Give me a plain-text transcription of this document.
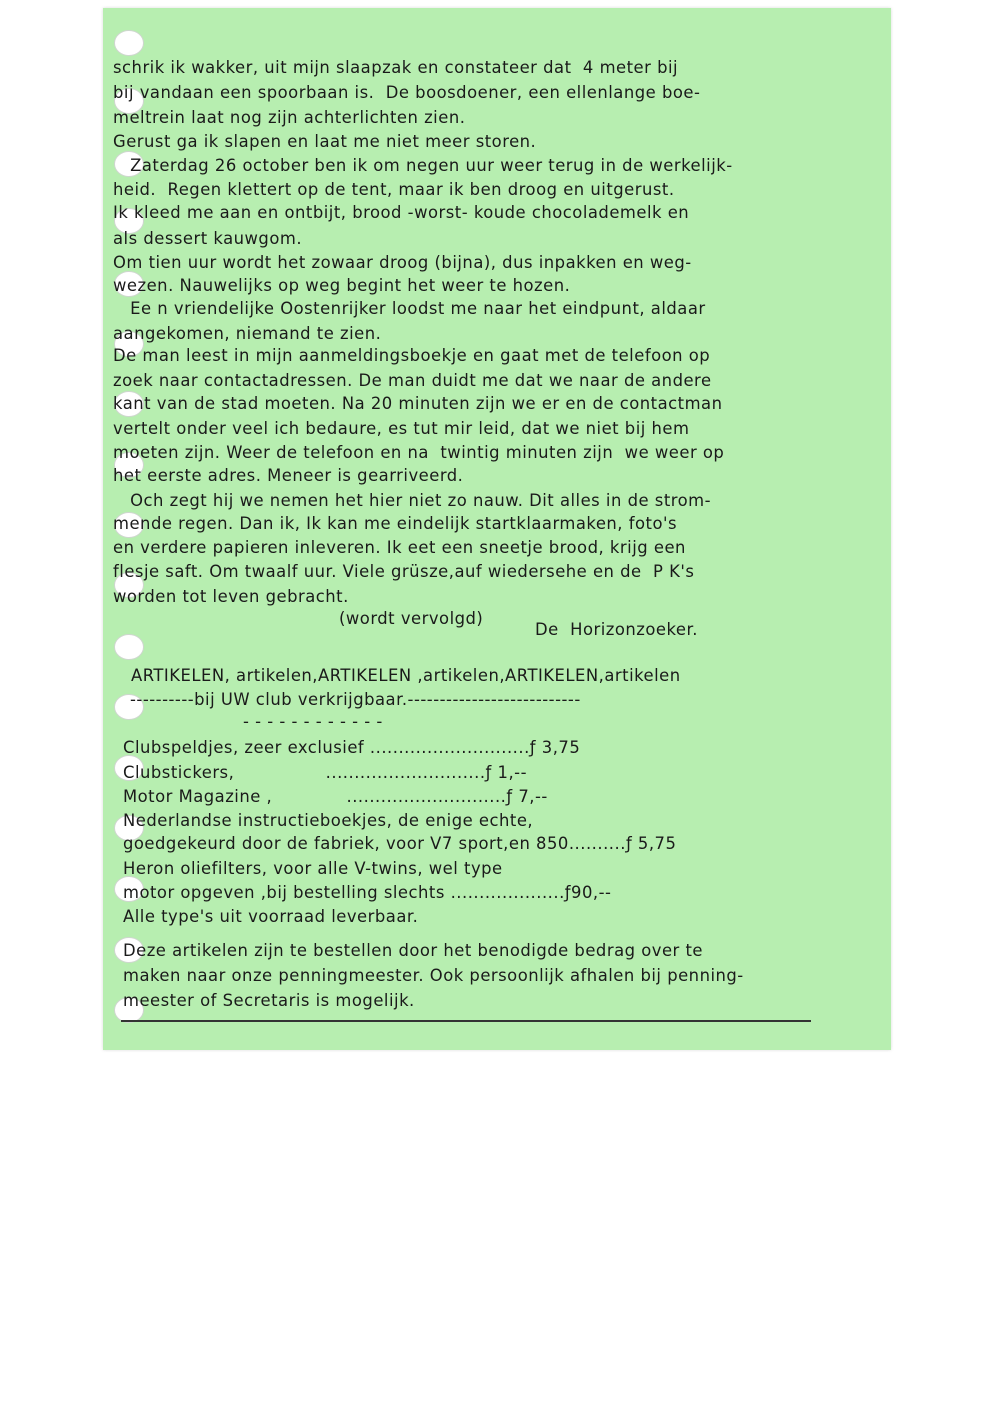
schrik ik wakker, uit mijn slaapzak en constateer dat  4 meter bij
bij vandaan een spoorbaan is.  De boosdoener, een ellenlange boe-
meltrein laat nog zijn achterlichten zien.
Gerust ga ik slapen en laat me niet meer storen.
Zaterdag 26 october ben ik om negen uur weer terug in de werkelijk-
heid.  Regen klettert op de tent, maar ik ben droog en uitgerust.
Ik kleed me aan en ontbijt, brood -worst- koude chocolademelk en
als dessert kauwgom.
Om tien uur wordt het zowaar droog (bijna), dus inpakken en weg-
wezen. Nauwelijks op weg begint het weer te hozen.
Ee n vriendelijke Oostenrijker loodst me naar het eindpunt, aldaar
aangekomen, niemand te zien.
De man leest in mijn aanmeldingsboekje en gaat met de telefoon op
zoek naar contactadressen. De man duidt me dat we naar de andere
kant van de stad moeten. Na 20 minuten zijn we er en de contactman
vertelt onder veel ich bedaure, es tut mir leid, dat we niet bij hem
moeten zijn. Weer de telefoon en na  twintig minuten zijn  we weer op
het eerste adres. Meneer is gearriveerd.
Och zegt hij we nemen het hier niet zo nauw. Dit alles in de strom-
mende regen. Dan ik, Ik kan me eindelijk startklaarmaken, foto's
en verdere papieren inleveren. Ik eet een sneetje brood, krijg een
flesje saft. Om twaalf uur. Viele grüsze,auf wiedersehe en de  P K's
worden tot leven gebracht.
(wordt vervolgd)
De  Horizonzoeker.
ARTIKELEN, artikelen,ARTIKELEN ,artikelen,ARTIKELEN,artikelen
----------bij UW club verkrijgbaar.---------------------------
- - - - - - - - - - - -
Clubspeldjes, zeer exclusief ............................ƒ 3,75
Clubstickers,                ............................ƒ 1,--
Motor Magazine ,             ............................ƒ 7,--
Nederlandse instructieboekjes, de enige echte,
goedgekeurd door de fabriek, voor V7 sport,en 850..........ƒ 5,75
Heron oliefilters, voor alle V-twins, wel type
motor opgeven ,bij bestelling slechts ....................ƒ90,--
Alle type's uit voorraad leverbaar.
Deze artikelen zijn te bestellen door het benodigde bedrag over te
maken naar onze penningmeester. Ook persoonlijk afhalen bij penning-
meester of Secretaris is mogelijk.
